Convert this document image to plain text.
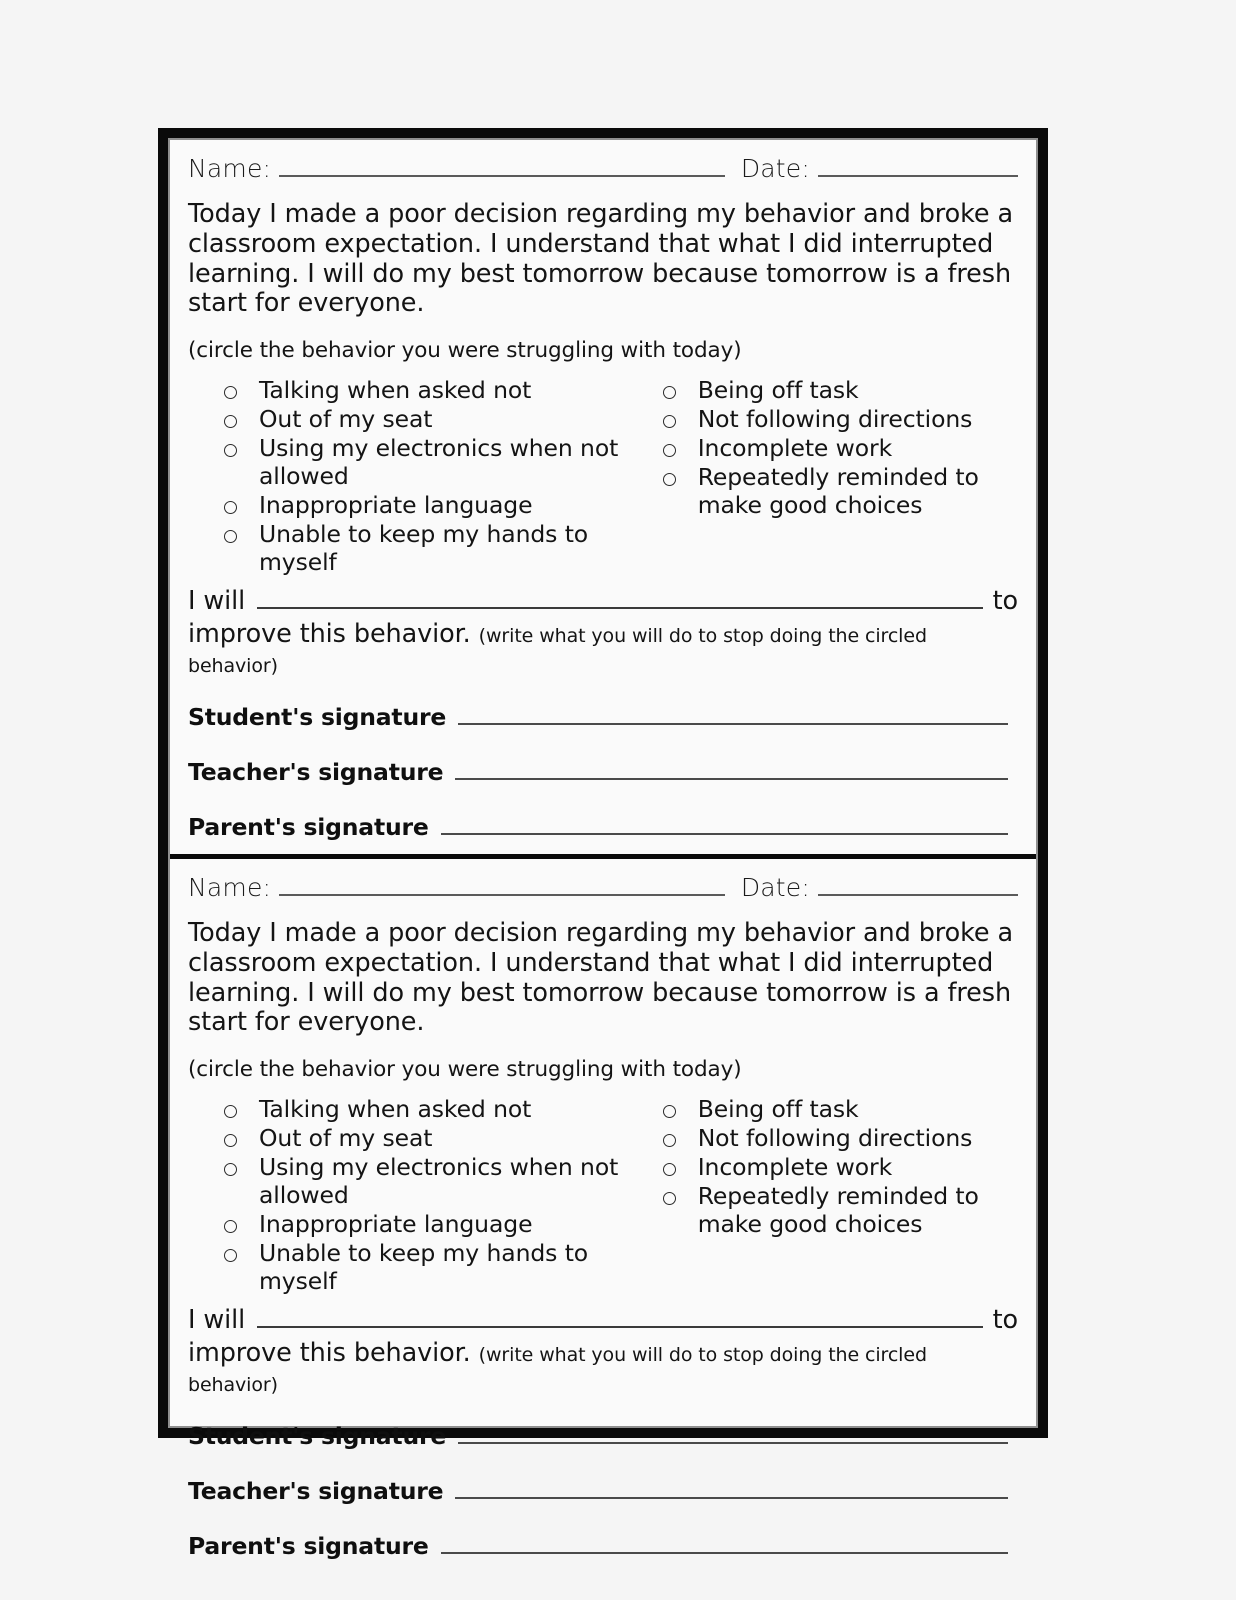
Name:	Date:
Today I made a poor decision regarding my behavior and broke a classroom expectation. I understand that what I did interrupted learning. I will do my best tomorrow because tomorrow is a fresh start for everyone.
(circle the behavior you were struggling with today)
Talking when asked not
Out of my seat
Using my electronics when not allowed
Inappropriate language
Unable to keep my hands to myself
Being off task
Not following directions
Incomplete work
Repeatedly reminded to make good choices
I will	to
improve this behavior. (write what you will do to stop doing the circled behavior)
Student's signature
Teacher's signature
Parent's signature
Name:	Date:
Today I made a poor decision regarding my behavior and broke a classroom expectation. I understand that what I did interrupted learning. I will do my best tomorrow because tomorrow is a fresh start for everyone.
(circle the behavior you were struggling with today)
Talking when asked not
Out of my seat
Using my electronics when not allowed
Inappropriate language
Unable to keep my hands to myself
Being off task
Not following directions
Incomplete work
Repeatedly reminded to make good choices
I will	to
improve this behavior. (write what you will do to stop doing the circled behavior)
Student's signature
Teacher's signature
Parent's signature
